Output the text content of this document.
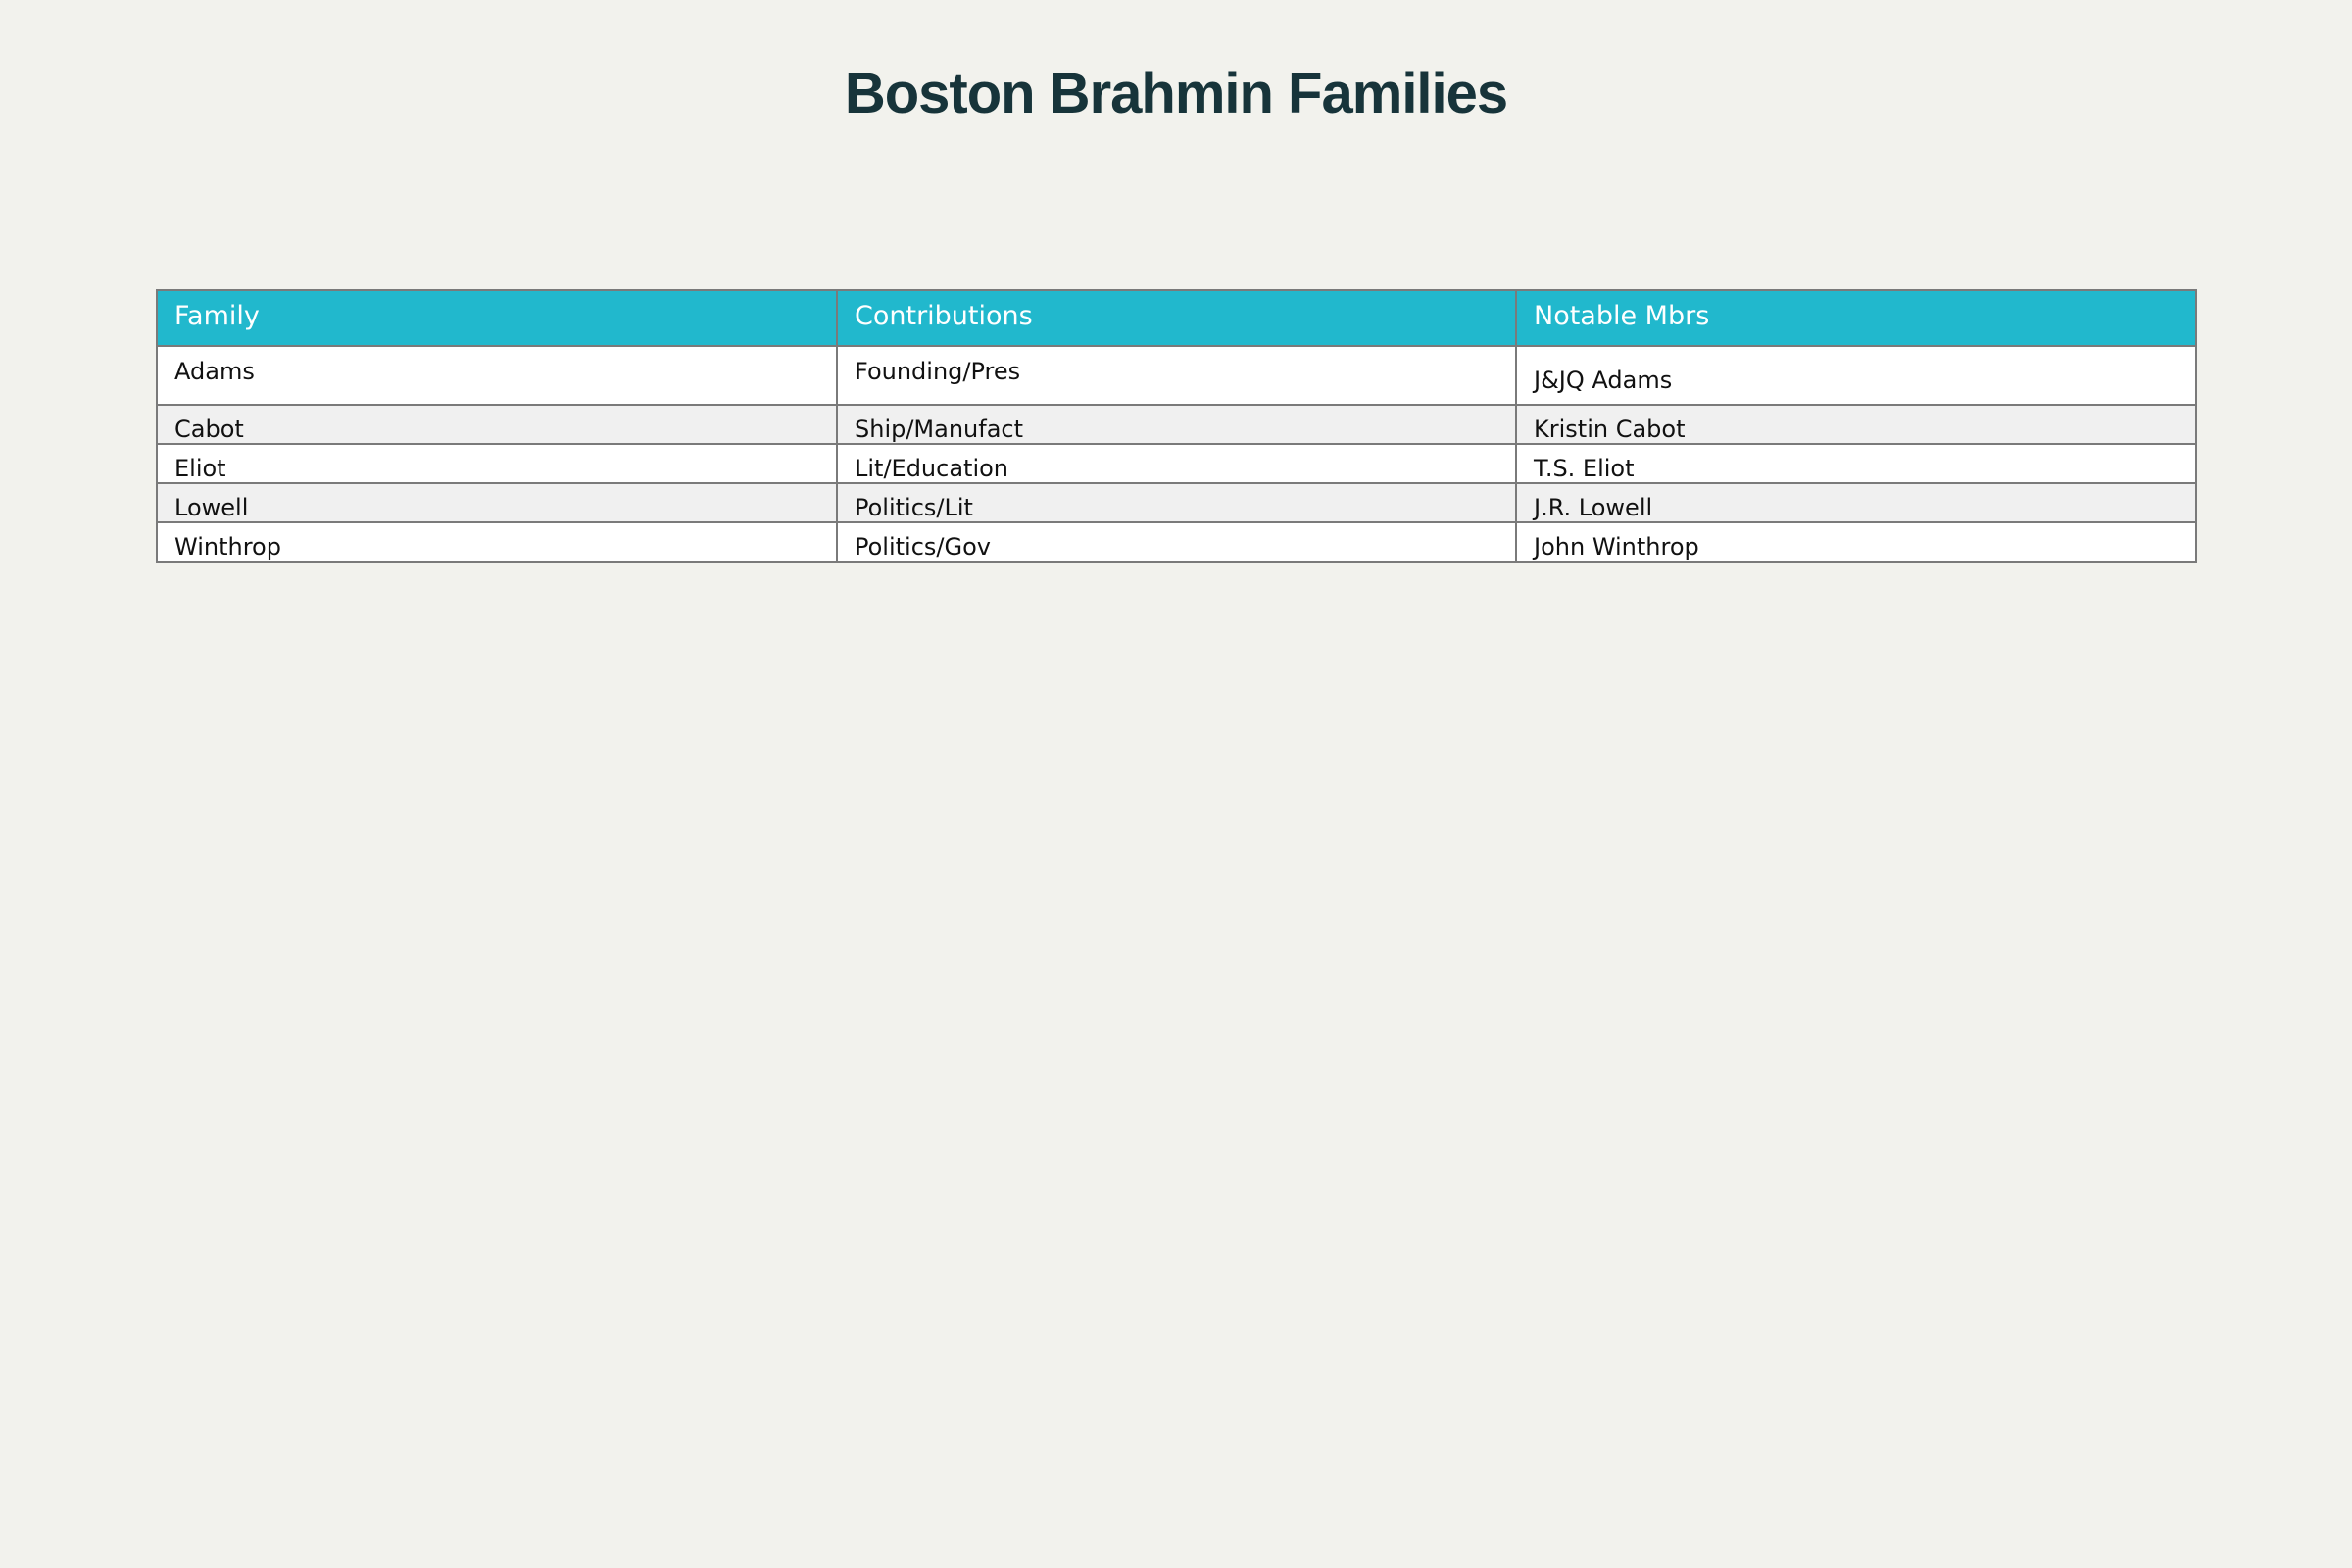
Boston Brahmin Families
Family	Contributions	Notable Mbrs
Adams	Founding/Pres	J&JQ Adams
Cabot	Ship/Manufact	Kristin Cabot
Eliot	Lit/Education	T.S. Eliot
Lowell	Politics/Lit	J.R. Lowell
Winthrop	Politics/Gov	John Winthrop
